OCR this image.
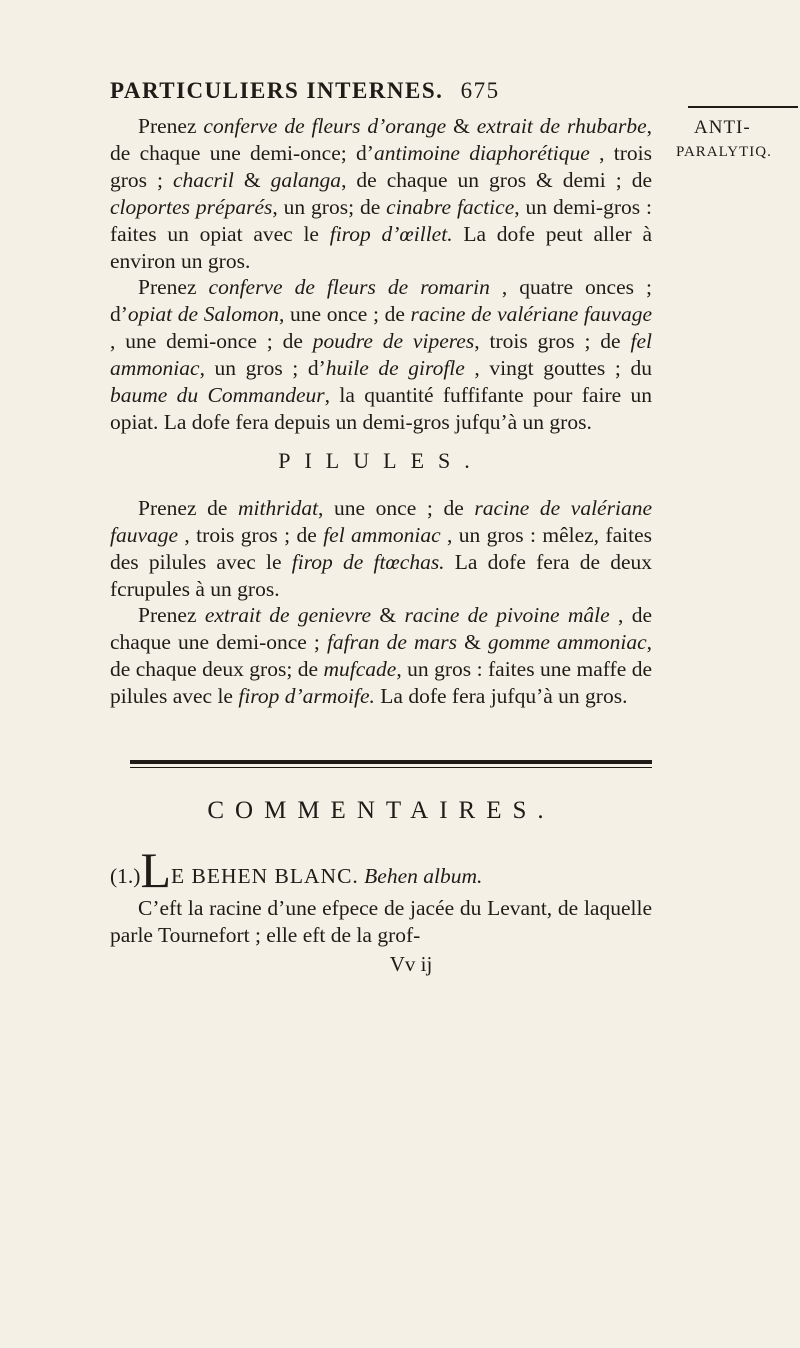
PARTICULIERS INTERNES. 675
ANTI-
PARALYTIQ.

Prenez conferve de fleurs d’orange & extrait de rhubarbe, de chaque une demi-once; d’antimoine diaphorétique , trois gros ; chacril & galanga, de chaque un gros & demi ; de cloportes préparés, un gros; de cinabre factice, un demi-gros : faites un opiat avec le firop d’œillet. La dofe peut aller à environ un gros.

Prenez conferve de fleurs de romarin , quatre onces ; d’opiat de Salomon, une once ; de racine de valériane fauvage , une demi-once ; de poudre de viperes, trois gros ; de fel ammoniac, un gros ; d’huile de girofle , vingt gouttes ; du baume du Commandeur, la quantité fuffifante pour faire un opiat. La dofe fera depuis un demi-gros jufqu’à un gros.

PILULES.

Prenez de mithridat, une once ; de racine de valériane fauvage , trois gros ; de fel ammoniac , un gros : mêlez, faites des pilules avec le firop de ftœchas. La dofe fera de deux fcrupules à un gros.

Prenez extrait de genievre & racine de pivoine mâle , de chaque une demi-once ; fafran de mars & gomme ammoniac, de chaque deux gros; de mufcade, un gros : faites une maffe de pilules avec le firop d’armoife. La dofe fera jufqu’à un gros.

COMMENTAIRES.

(1.)LE BEHEN BLANC. Behen album.

C’eft la racine d’une efpece de jacée du Levant, de laquelle parle Tournefort ; elle eft de la grof-

Vv ij
